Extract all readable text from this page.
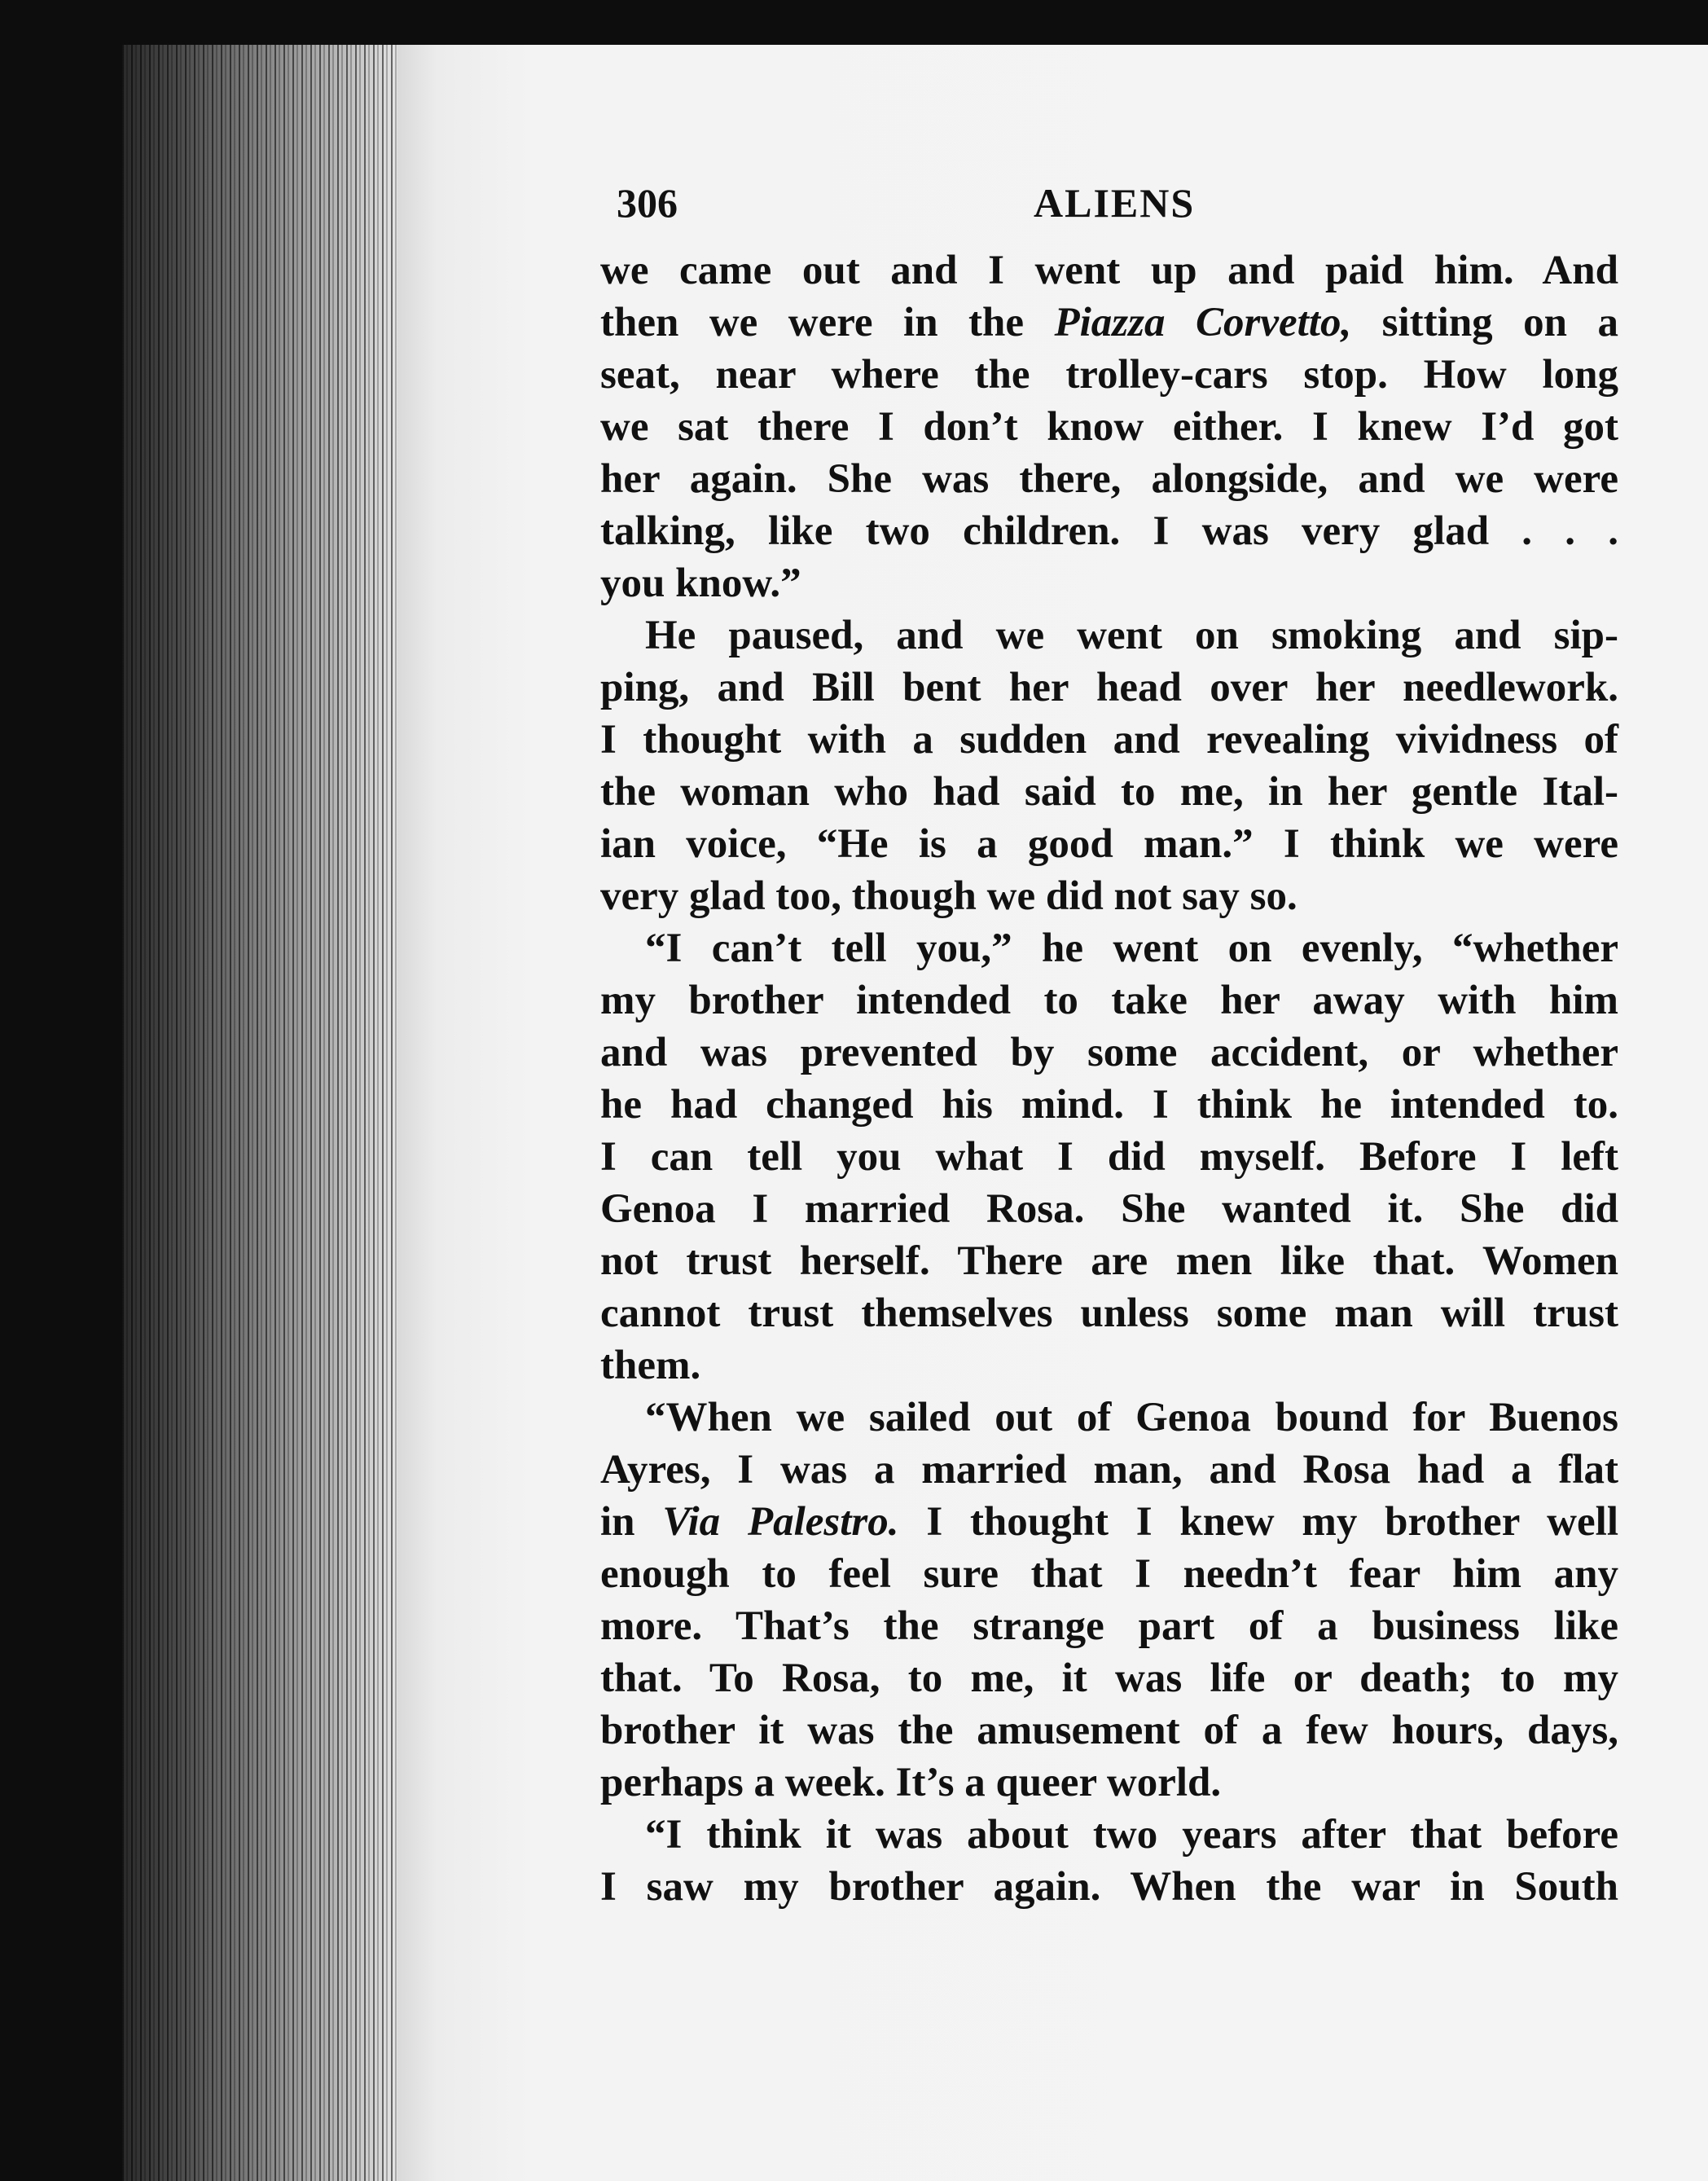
306	ALIENS
we came out and I went up and paid him. And
then we were in the Piazza Corvetto, sitting on a
seat, near where the trolley-cars stop. How long
we sat there I don’t know either. I knew I’d got
her again. She was there, alongside, and we were
talking, like two children. I was very glad . . .
you know.”
He paused, and we went on smoking and sip-
ping, and Bill bent her head over her needlework.
I thought with a sudden and revealing vividness of
the woman who had said to me, in her gentle Ital-
ian voice, “He is a good man.” I think we were
very glad too, though we did not say so.
“I can’t tell you,” he went on evenly, “whether
my brother intended to take her away with him
and was prevented by some accident, or whether
he had changed his mind. I think he intended to.
I can tell you what I did myself. Before I left
Genoa I married Rosa. She wanted it. She did
not trust herself. There are men like that. Women
cannot trust themselves unless some man will trust
them.
“When we sailed out of Genoa bound for Buenos
Ayres, I was a married man, and Rosa had a flat
in Via Palestro. I thought I knew my brother well
enough to feel sure that I needn’t fear him any
more. That’s the strange part of a business like
that. To Rosa, to me, it was life or death; to my
brother it was the amusement of a few hours, days,
perhaps a week. It’s a queer world.
“I think it was about two years after that before
I saw my brother again. When the war in South
